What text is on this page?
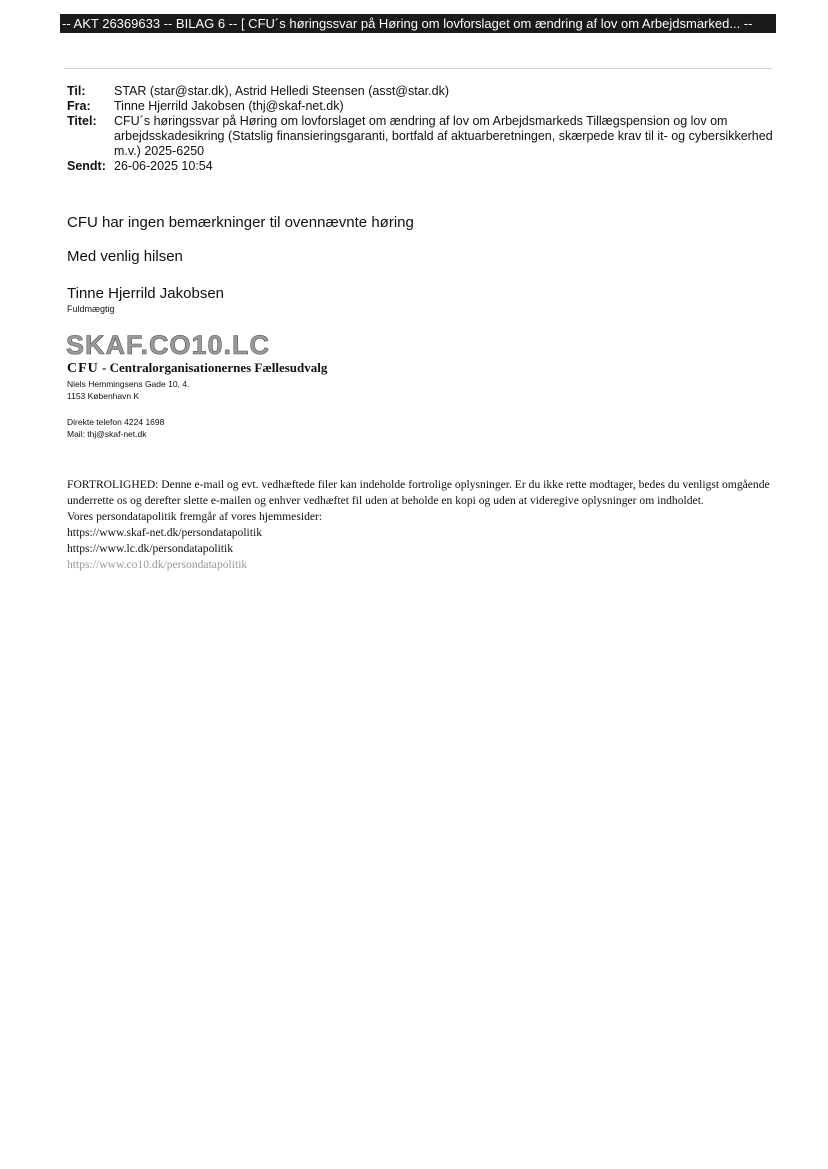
-- AKT 26369633 -- BILAG 6 -- [ CFU´s høringssvar på Høring om lovforslaget om ændring af lov om Arbejdsmarked... --
Til:	STAR (star@star.dk), Astrid Helledi Steensen (asst@star.dk)
Fra:	Tinne Hjerrild Jakobsen (thj@skaf-net.dk)
Titel:	CFU´s høringssvar på Høring om lovforslaget om ændring af lov om Arbejdsmarkeds Tillægspension og lov om arbejdsskadesikring (Statslig finansieringsgaranti, bortfald af aktuarberetningen, skærpede krav til it- og cybersikkerhed m.v.) 2025-6250
Sendt: 26-06-2025 10:54
CFU har ingen bemærkninger til ovennævnte høring
Med venlig hilsen
Tinne Hjerrild Jakobsen
Fuldmægtig
SKAF.CO10.LC
CFU - Centralorganisationernes Fællesudvalg
Niels Hemmingsens Gade 10, 4.
1153 København K
Direkte telefon 4224 1698
Mail: thj@skaf-net.dk

FORTROLIGHED: Denne e-mail og evt. vedhæftede filer kan indeholde fortrolige oplysninger. Er du ikke rette modtager, bedes du venligst omgående underrette os og derefter slette e-mailen og enhver vedhæftet fil uden at beholde en kopi og uden at videregive oplysninger om indholdet.

Vores persondatapolitik fremgår af vores hjemmesider:

https://www.skaf-net.dk/persondatapolitik

https://www.lc.dk/persondatapolitik

https://www.co10.dk/persondatapolitik
